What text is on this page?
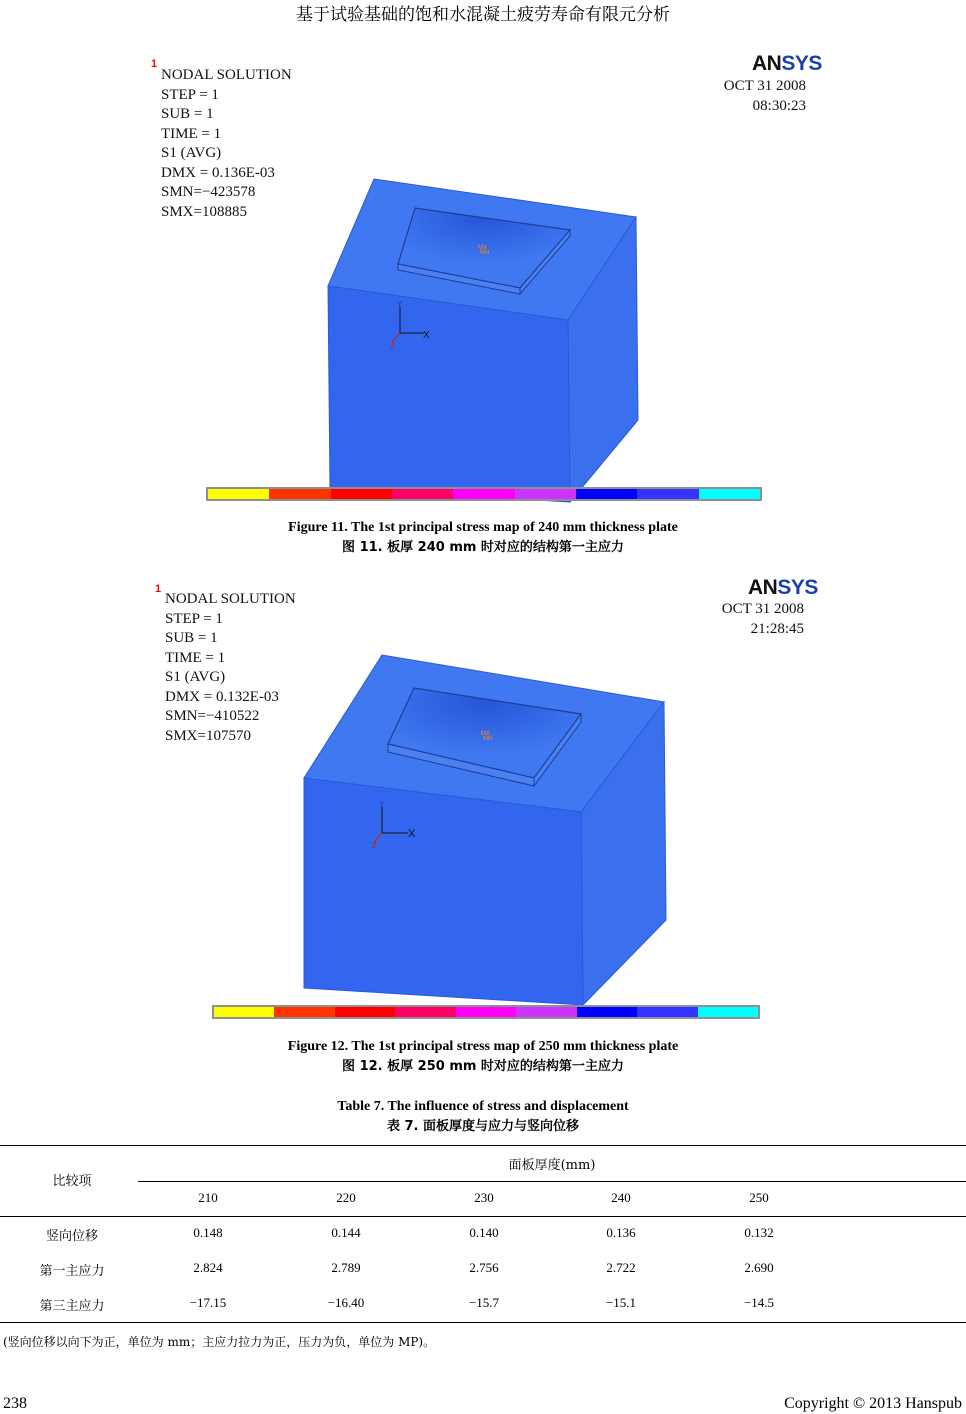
基于试验基础的饱和水混凝土疲劳寿命有限元分析
1
NODAL SOLUTION
STEP = 1
SUB = 1
TIME = 1
S1 (AVG)
DMX = 0.136E-03
SMN=−423578
SMX=108885
ANSYS
OCT 31 2008
08:30:23
MX
MN
X
Y
Z
Figure 11. The 1st principal stress map of 240 mm thickness plate
图 11. 板厚 240 mm 时对应的结构第一主应力
1
NODAL SOLUTION
STEP = 1
SUB = 1
TIME = 1
S1 (AVG)
DMX = 0.132E-03
SMN=−410522
SMX=107570
ANSYS
OCT 31 2008
21:28:45
MX
MN
X
Y
Z
Figure 12. The 1st principal stress map of 250 mm thickness plate
图 12. 板厚 250 mm 时对应的结构第一主应力
Table 7. The influence of stress and displacement
表 7. 面板厚度与应力与竖向位移
比较项
面板厚度(mm)
210	220	230	240	250
竖向位移	0.148	0.144	0.140	0.136	0.132
第一主应力	2.824	2.789	2.756	2.722	2.690
第三主应力	−17.15	−16.40	−15.7	−15.1	−14.5
(竖向位移以向下为正，单位为 mm；主应力拉力为正，压力为负，单位为 MP)。
238	Copyright © 2013 Hanspub
